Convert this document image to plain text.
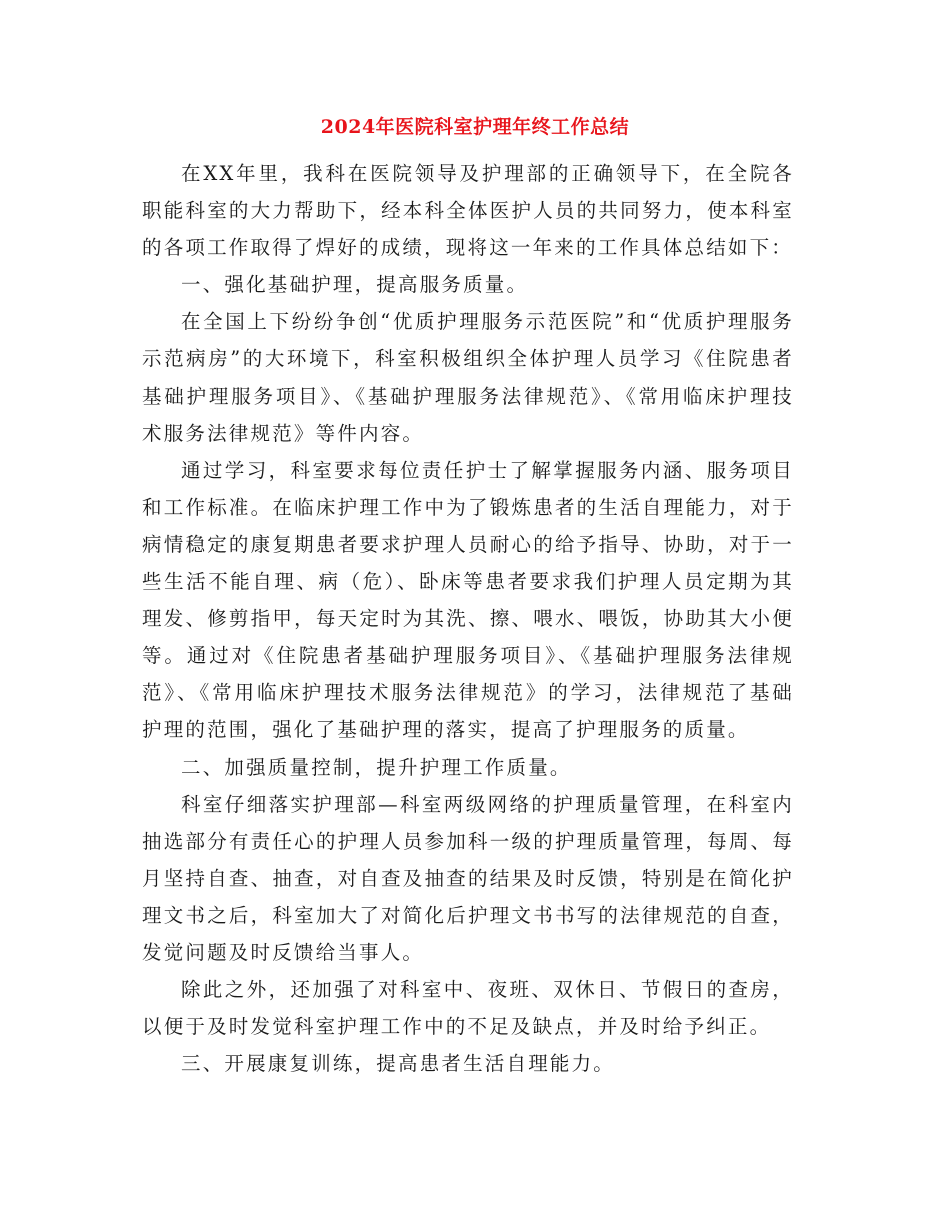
2024年医院科室护理年终工作总结

在XX年里，我科在医院领导及护理部的正确领导下，在全院各职能科室的大力帮助下，经本科全体医护人员的共同努力，使本科室的各项工作取得了焊好的成绩，现将这一年来的工作具体总结如下：

一、强化基础护理，提高服务质量。

在全国上下纷纷争创“优质护理服务示范医院”和“优质护理服务示范病房”的大环境下，科室积极组织全体护理人员学习《住院患者基础护理服务项目》、《基础护理服务法律规范》、《常用临床护理技术服务法律规范》等件内容。

通过学习，科室要求每位责任护士了解掌握服务内涵、服务项目和工作标准。在临床护理工作中为了锻炼患者的生活自理能力，对于病情稳定的康复期患者要求护理人员耐心的给予指导、协助，对于一些生活不能自理、病（危）、卧床等患者要求我们护理人员定期为其理发、修剪指甲，每天定时为其洗、擦、喂水、喂饭，协助其大小便等。通过对《住院患者基础护理服务项目》、《基础护理服务法律规范》、《常用临床护理技术服务法律规范》的学习，法律规范了基础护理的范围，强化了基础护理的落实，提高了护理服务的质量。

二、加强质量控制，提升护理工作质量。

科室仔细落实护理部—科室两级网络的护理质量管理，在科室内抽选部分有责任心的护理人员参加科一级的护理质量管理，每周、每月坚持自查、抽查，对自查及抽查的结果及时反馈，特别是在简化护理文书之后，科室加大了对简化后护理文书书写的法律规范的自查，发觉问题及时反馈给当事人。

除此之外，还加强了对科室中、夜班、双休日、节假日的查房，以便于及时发觉科室护理工作中的不足及缺点，并及时给予纠正。

三、开展康复训练，提高患者生活自理能力。
